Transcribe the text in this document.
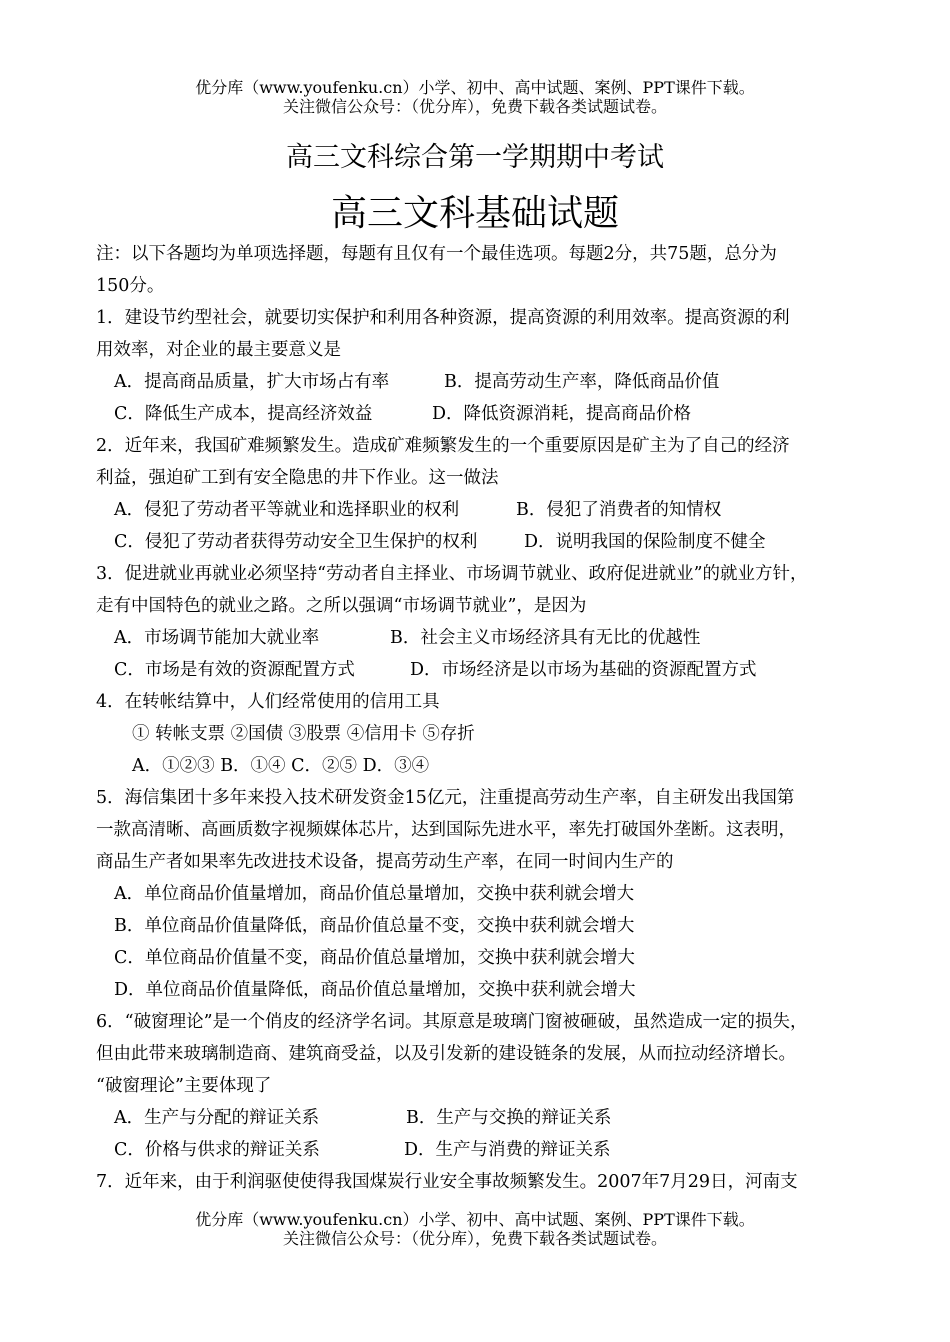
优分库（www.youfenku.cn）小学、初中、高中试题、案例、PPT课件下载。
关注微信公众号：（优分库），免费下载各类试题试卷。
高三文科综合第一学期期中考试
高三文科基础试题
注：以下各题均为单项选择题，每题有且仅有一个最佳选项。每题2分，共75题，总分为
150分。
1．建设节约型社会，就要切实保护和利用各种资源，提高资源的利用效率。提高资源的利
用效率，对企业的最主要意义是
A．提高商品质量，扩大市场占有率	B．提高劳动生产率，降低商品价值
C．降低生产成本，提高经济效益	D．降低资源消耗，提高商品价格
2．近年来，我国矿难频繁发生。造成矿难频繁发生的一个重要原因是矿主为了自己的经济
利益，强迫矿工到有安全隐患的井下作业。这一做法
A．侵犯了劳动者平等就业和选择职业的权利	B．侵犯了消费者的知情权
C．侵犯了劳动者获得劳动安全卫生保护的权利	D．说明我国的保险制度不健全
3．促进就业再就业必须坚持“劳动者自主择业、市场调节就业、政府促进就业”的就业方针，
走有中国特色的就业之路。之所以强调“市场调节就业”，是因为
A．市场调节能加大就业率	B．社会主义市场经济具有无比的优越性
C．市场是有效的资源配置方式	D．市场经济是以市场为基础的资源配置方式
4．在转帐结算中，人们经常使用的信用工具
① 转帐支票 ②国债 ③股票 ④信用卡 ⑤存折
A．①②③ B．①④ C．②⑤ D．③④
5．海信集团十多年来投入技术研发资金15亿元，注重提高劳动生产率，自主研发出我国第
一款高清晰、高画质数字视频媒体芯片，达到国际先进水平，率先打破国外垄断。这表明，
商品生产者如果率先改进技术设备，提高劳动生产率，在同一时间内生产的
A．单位商品价值量增加，商品价值总量增加，交换中获利就会增大
B．单位商品价值量降低，商品价值总量不变，交换中获利就会增大
C．单位商品价值量不变，商品价值总量增加，交换中获利就会增大
D．单位商品价值量降低，商品价值总量增加，交换中获利就会增大
6．“破窗理论”是一个俏皮的经济学名词。其原意是玻璃门窗被砸破，虽然造成一定的损失，
但由此带来玻璃制造商、建筑商受益，以及引发新的建设链条的发展，从而拉动经济增长。
“破窗理论”主要体现了
A．生产与分配的辩证关系	B．生产与交换的辩证关系
C．价格与供求的辩证关系	D．生产与消费的辩证关系
7．近年来，由于利润驱使使得我国煤炭行业安全事故频繁发生。2007年7月29日，河南支
优分库（www.youfenku.cn）小学、初中、高中试题、案例、PPT课件下载。
关注微信公众号：（优分库），免费下载各类试题试卷。
